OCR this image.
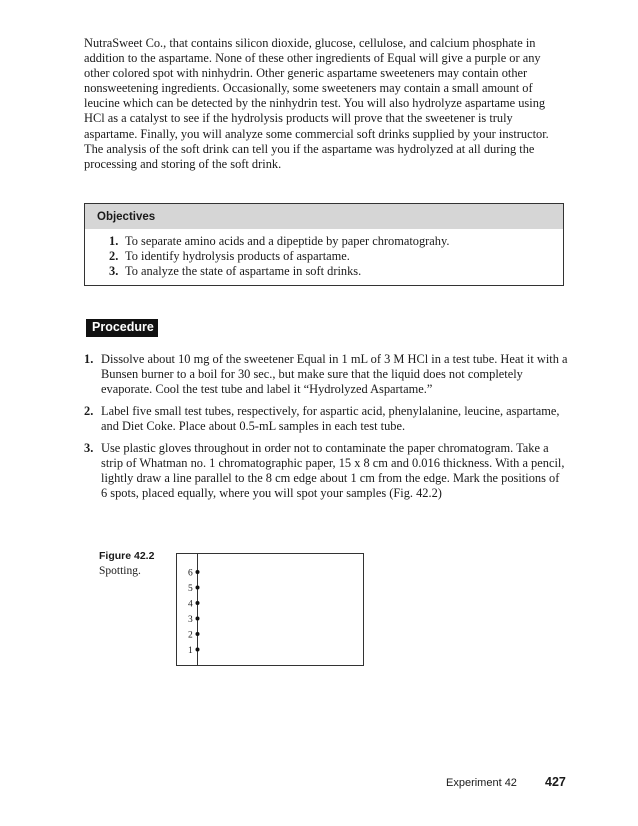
NutraSweet Co., that contains silicon dioxide, glucose, cellulose, and calcium phosphate in addition to the aspartame. None of these other ingredients of Equal will give a purple or any other colored spot with ninhydrin. Other generic aspartame sweeteners may contain other nonsweetening ingredients. Occasionally, some sweeteners may contain a small amount of leucine which can be detected by the ninhydrin test. You will also hydrolyze aspartame using HCl as a catalyst to see if the hydrolysis products will prove that the sweetener is truly aspartame. Finally, you will analyze some commercial soft drinks supplied by your instructor. The analysis of the soft drink can tell you if the aspartame was hydrolyzed at all during the processing and storing of the soft drink.

Objectives
1. To separate amino acids and a dipeptide by paper chromatograhy.
2. To identify hydrolysis products of aspartame.
3. To analyze the state of aspartame in soft drinks.
Procedure
1. Dissolve about 10 mg of the sweetener Equal in 1 mL of 3 M HCl in a test tube. Heat it with a Bunsen burner to a boil for 30 sec., but make sure that the liquid does not completely evaporate. Cool the test tube and label it “Hydrolyzed Aspartame.”
2. Label five small test tubes, respectively, for aspartic acid, phenylalanine, leucine, aspartame, and Diet Coke. Place about 0.5-mL samples in each test tube.
3. Use plastic gloves throughout in order not to contaminate the paper chromatogram. Take a strip of Whatman no. 1 chromatographic paper, 15 x 8 cm and 0.016 thickness. With a pencil, lightly draw a line parallel to the 8 cm edge about 1 cm from the edge. Mark the positions of 6 spots, placed equally, where you will spot your samples (Fig. 42.2)
Figure 42.2
Spotting.	6
5
4
3
2
1
Experiment 42 427
